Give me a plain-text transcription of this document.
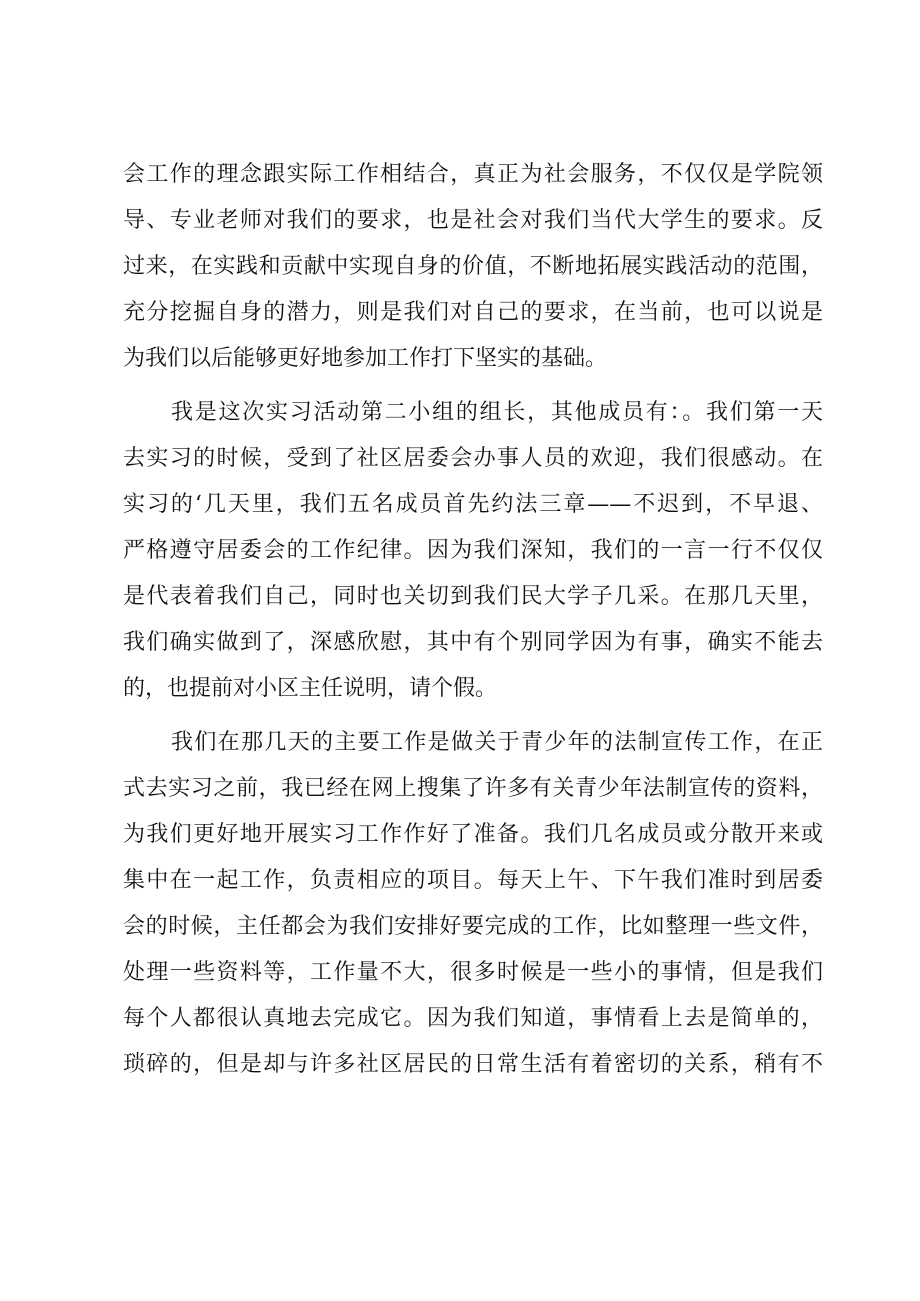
会工作的理念跟实际工作相结合，真正为社会服务，不仅仅是学院领
导、专业老师对我们的要求，也是社会对我们当代大学生的要求。反
过来，在实践和贡献中实现自身的价值，不断地拓展实践活动的范围，
充分挖掘自身的潜力，则是我们对自己的要求，在当前，也可以说是
为我们以后能够更好地参加工作打下坚实的基础。
我是这次实习活动第二小组的组长，其他成员有：。我们第一天
去实习的时候，受到了社区居委会办事人员的欢迎，我们很感动。在
实习的‘几天里，我们五名成员首先约法三章——不迟到，不早退、
严格遵守居委会的工作纪律。因为我们深知，我们的一言一行不仅仅
是代表着我们自己，同时也关切到我们民大学子几采。在那几天里，
我们确实做到了，深感欣慰，其中有个别同学因为有事，确实不能去
的，也提前对小区主任说明，请个假。
我们在那几天的主要工作是做关于青少年的法制宣传工作，在正
式去实习之前，我已经在网上搜集了许多有关青少年法制宣传的资料，
为我们更好地开展实习工作作好了准备。我们几名成员或分散开来或
集中在一起工作，负责相应的项目。每天上午、下午我们准时到居委
会的时候，主任都会为我们安排好要完成的工作，比如整理一些文件，
处理一些资料等，工作量不大，很多时候是一些小的事情，但是我们
每个人都很认真地去完成它。因为我们知道，事情看上去是简单的，
琐碎的，但是却与许多社区居民的日常生活有着密切的关系，稍有不
